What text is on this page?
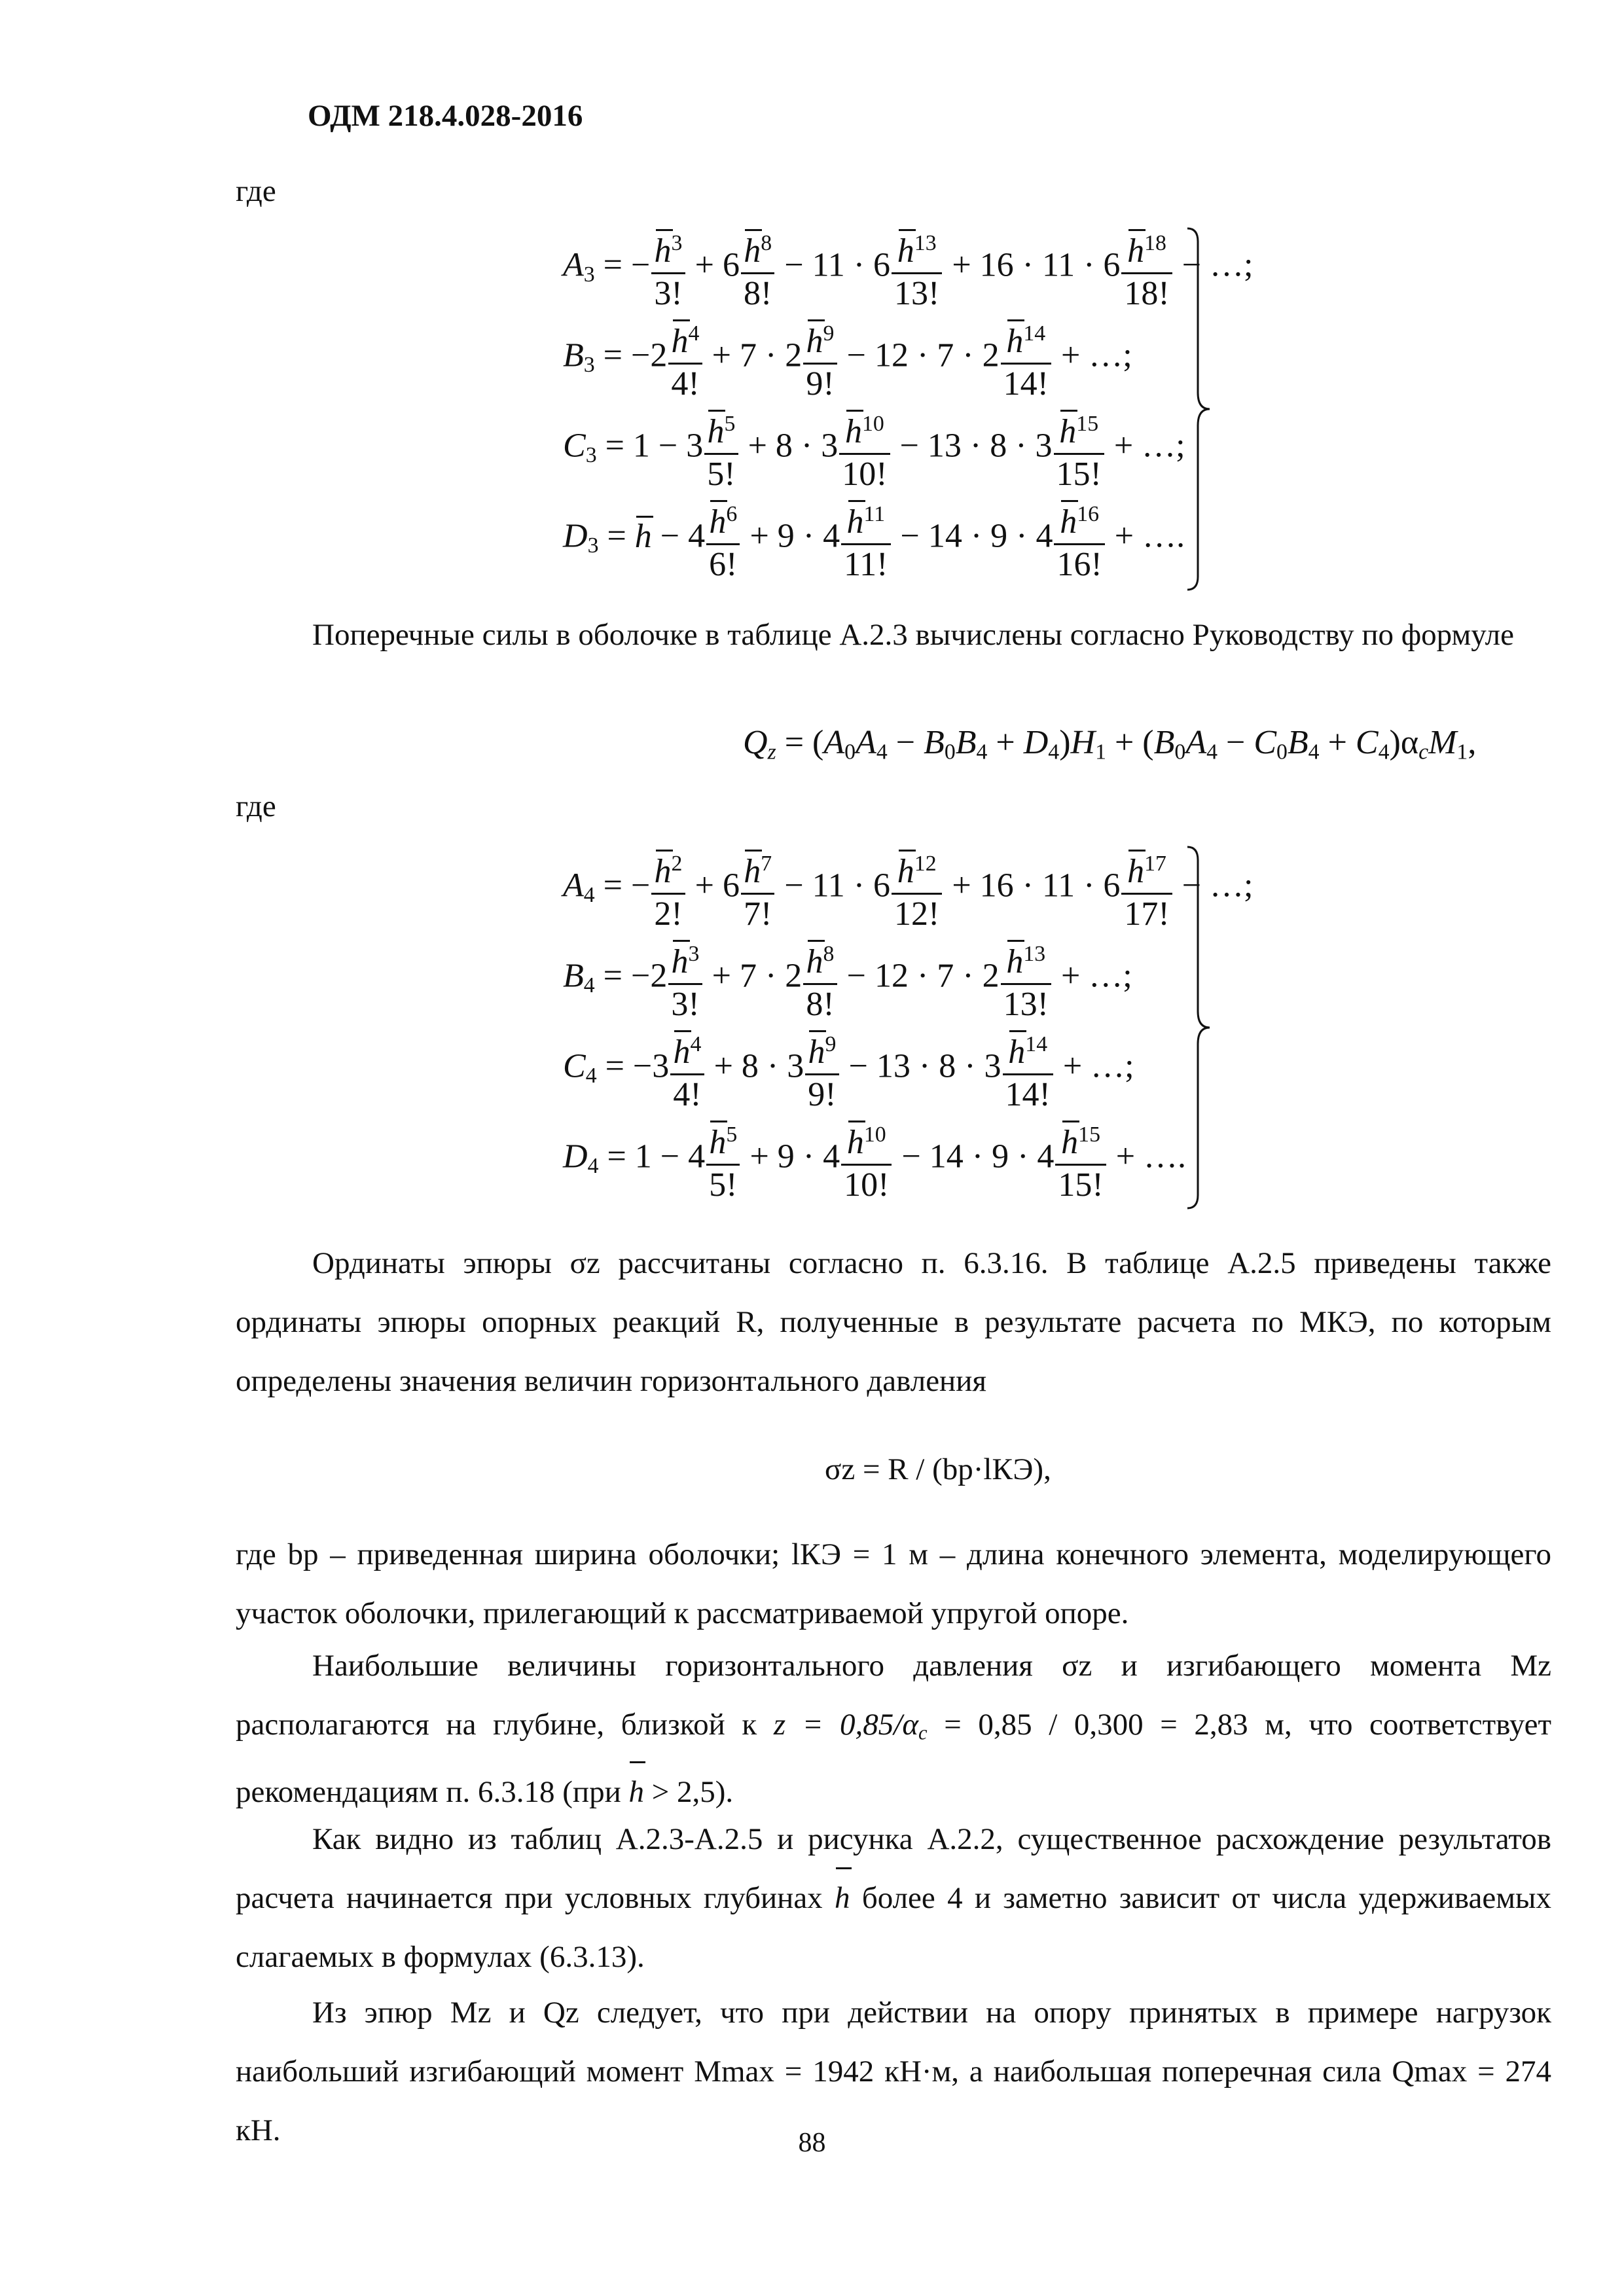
ОДМ 218.4.028-2016
где
$A_3$ = − $\frac{h^3}{3!} + 6 \frac{h^8}{8!} - 11 \cdot 6 \frac{h^{13}}{13!} + 16 \cdot 11 \cdot 6 \frac{h^{18}}{18!}$ − …;
$B_3 = -2 \frac{h^4}{4!} + 7 \cdot 2 \frac{h^9}{9!} - 12 \cdot 7 \cdot 2 \frac{h^{14}}{14!}$ + …;
$C_3 = 1 - 3 \frac{h^5}{5!} + 8 \cdot 3 \frac{h^{10}}{10!} - 13 \cdot 8 \cdot 3 \frac{h^{15}}{15!}$ + …;
$D_3 = h - 4 \frac{h^6}{6!} + 9 \cdot 4 \frac{h^{11}}{11!} - 14 \cdot 9 \cdot 4 \frac{h^{16}}{16!}$ + ….
Поперечные силы в оболочке в таблице А.2.3 вычислены согласно Руководству по формуле
$Q_z = (A_0A_4 - B_0B_4 + D_4)H_1 + (B_0A_4 - C_0B_4 + C_4)\alpha_cM_1$,
где
$A_4$ = − $\frac{h^2}{2!} + 6 \frac{h^7}{7!} - 11 \cdot 6 \frac{h^{12}}{12!} + 16 \cdot 11 \cdot 6 \frac{h^{17}}{17!}$ − …;
$B_4 = -2 \frac{h^3}{3!} + 7 \cdot 2 \frac{h^8}{8!} - 12 \cdot 7 \cdot 2 \frac{h^{13}}{13!}$ + …;
$C_4 = -3 \frac{h^4}{4!} + 8 \cdot 3 \frac{h^9}{9!} - 13 \cdot 8 \cdot 3 \frac{h^{14}}{14!}$ + …;
$D_4 = 1 - 4 \frac{h^5}{5!} + 9 \cdot 4 \frac{h^{10}}{10!} - 14 \cdot 9 \cdot 4 \frac{h^{15}}{15!}$ + ….
Ординаты эпюры σz рассчитаны согласно п. 6.3.16. В таблице А.2.5 приведены также ординаты эпюры опорных реакций R, полученные в результате расчета по МКЭ, по которым определены значения величин горизонтального давления
σz = R / (bр·lКЭ),
где bр – приведенная ширина оболочки; lКЭ = 1 м – длина конечного элемента, моделирующего участок оболочки, прилегающий к рассматриваемой упругой опоре.
Наибольшие величины горизонтального давления σz и изгибающего момента Mz располагаются на глубине, близкой к $z = 0,85/\alpha_c = 0,85 / 0,300 = 2,83$ м, что соответствует рекомендациям п. 6.3.18 (при h > 2,5).
Как видно из таблиц А.2.3-А.2.5 и рисунка А.2.2, существенное расхождение результатов расчета начинается при условных глубинах h более 4 и заметно зависит от числа удерживаемых слагаемых в формулах (6.3.13).
Из эпюр Mz и Qz следует, что при действии на опору принятых в примере нагрузок наибольший изгибающий момент Mmax = 1942 кН·м, а наибольшая поперечная сила Qmax = 274 кН.	88
